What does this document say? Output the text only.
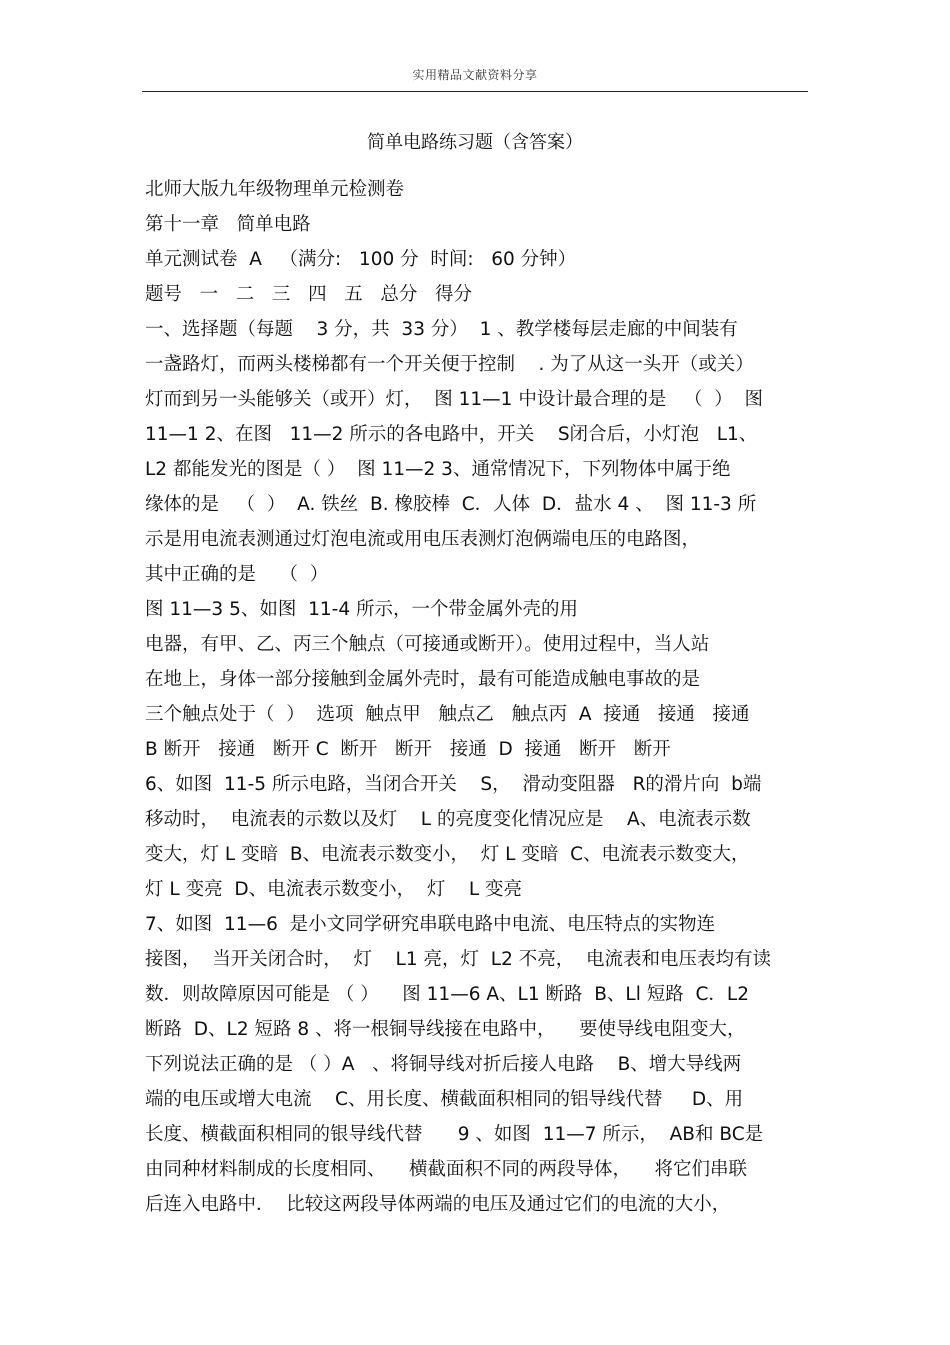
实用精品文献资料分享
简单电路练习题（含答案）
北师大版九年级物理单元检测卷
第十一章   简单电路
单元测试卷  A   （满分:   100 分  时间:   60 分钟）
题号   一   二   三   四   五   总分   得分
一、选择题（每题    3 分，共  33 分）  1 、教学楼每层走廊的中间装有
一盏路灯，而两头楼梯都有一个开关便于控制    . 为了从这一头开（或关）
灯而到另一头能够关（或开）灯，  图 11—1 中设计最合理的是   （  ）  图
11—1 2、在图   11—2 所示的各电路中，开关    S闭合后，小灯泡   L1、
L2 都能发光的图是（ ）  图 11—2 3、通常情况下，下列物体中属于绝
缘体的是   （  ）  A. 铁丝  B. 橡胶棒  C．人体  D．盐水 4 、  图 11-3 所
示是用电流表测通过灯泡电流或用电压表测灯泡俩端电压的电路图，
其中正确的是    （  ）
图 11—3 5、如图  11-4 所示，一个带金属外壳的用
电器，有甲、乙、丙三个触点（可接通或断开）。使用过程中，当人站
在地上，身体一部分接触到金属外壳时，最有可能造成触电事故的是
三个触点处于（  ）  选项  触点甲   触点乙   触点丙  A  接通   接通   接通
B 断开   接通   断开 C  断开   断开   接通  D  接通   断开   断开
6、如图  11-5 所示电路，当闭合开关    S，  滑动变阻器   R的滑片向  b端
移动时，  电流表的示数以及灯    L 的亮度变化情况应是    A、电流表示数
变大，灯 L 变暗  B、电流表示数变小，  灯 L 变暗  C、电流表示数变大，
灯 L 变亮  D、电流表示数变小，  灯    L 变亮
7、如图  11—6  是小文同学研究串联电路中电流、电压特点的实物连
接图，  当开关闭合时，  灯    L1 亮，灯  L2 不亮，  电流表和电压表均有读
数．则故障原因可能是 （ ）    图 11—6 A、L1 断路  B、Ll 短路  C．L2
断路  D、L2 短路 8 、将一根铜导线接在电路中，    要使导线电阻变大，
下列说法正确的是 （ ）A   、将铜导线对折后接人电路    B、增大导线两
端的电压或增大电流    C、用长度、横截面积相同的铝导线代替     D、用
长度、横截面积相同的银导线代替      9 、如图  11—7 所示，  AB和 BC是
由同种材料制成的长度相同、    横截面积不同的两段导体，    将它们串联
后连入电路中．  比较这两段导体两端的电压及通过它们的电流的大小，
